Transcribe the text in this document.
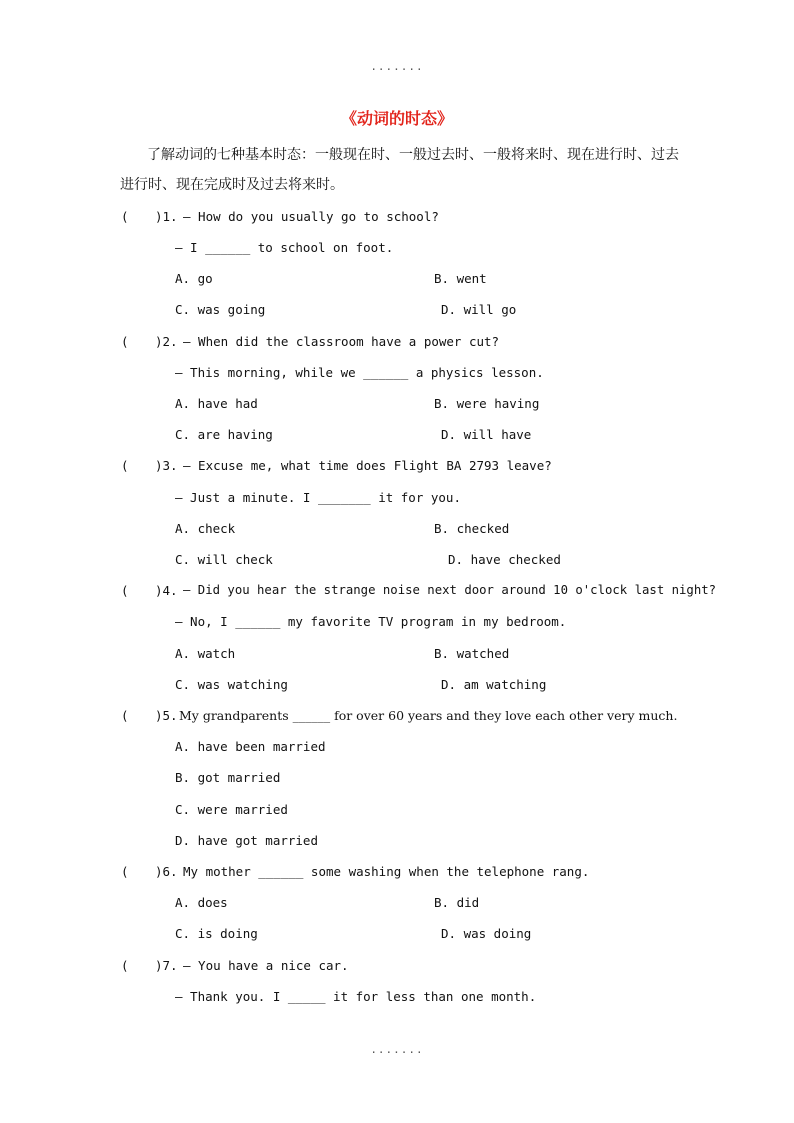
.......
《动词的时态》
了解动词的七种基本时态：一般现在时、一般过去时、一般将来时、现在进行时、过去
进行时、现在完成时及过去将来时。
( )1. — How do you usually go to school?
— I ______ to school on foot.
A. go	B. went
C. was going	D. will go
( )2. — When did the classroom have a power cut?
— This morning, while we ______ a physics lesson.
A. have had	B. were having
C. are having	D. will have
( )3. — Excuse me, what time does Flight BA 2793 leave?
— Just a minute. I _______ it for you.
A. check	B. checked
C. will check	D. have checked
( )4. — Did you hear the strange noise next door around 10 o'clock last night?
— No, I ______ my favorite TV program in my bedroom.
A. watch	B. watched
C. was watching	D. am watching
( )5. My grandparents ______ for over 60 years and they love each other very much.
A. have been married
B. got married
C. were married
D. have got married
( )6. My mother ______ some washing when the telephone rang.
A. does	B. did
C. is doing	D. was doing
( )7. — You have a nice car.
— Thank you. I _____ it for less than one month.
.......
